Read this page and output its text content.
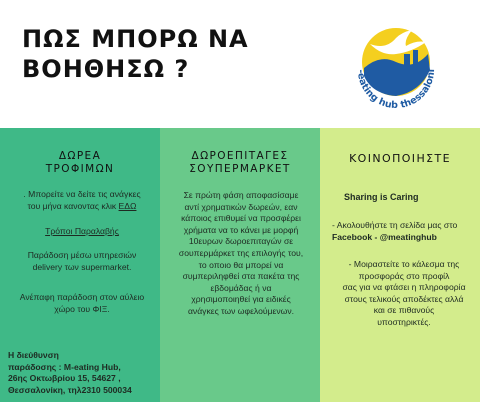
ΠΩΣ ΜΠΟΡΩ ΝΑ
ΒΟΗΘΗΣΩ ?	-eating hub thessaloni
ΔΩΡΕΑ
ΤΡΟΦΙΜΩΝ
. Μπορείτε να δείτε τις ανάγκες
του μήνα κανοντας κλικ ΕΔΩ
Τρόποι Παραλαβής
Παράδοση μέσω υπηρεσιών
delivery των supermarket.
Ανέπαφη παράδοση στον αύλειο
χώρο του ΦΙΞ.
Η διεύθυνση
παράδοσης : M-eating Hub,
26ης Οκτωβρίου 15, 54627 ,
Θεσσαλονίκη, τηλ2310 500034
ΔΩΡΟΕΠΙΤΑΓΕΣ
ΣΟΥΠΕΡΜΑΡΚΕΤ
Σε πρώτη φάση αποφασίσαμε
αντί χρηματικών δωρεών, εαν
κάποιος επιθυμεί να προσφέρει
χρήματα να το κάνει με μορφή
10ευρων δωροεπιταγών σε
σουπερμάρκετ της επιλογής του,
το οποιο θα μπορεί να
συμπεριληφθεί στα πακέτα της
εβδομάδας ή να
χρησιμοποιηθεί για ειδικές
ανάγκες των ωφελούμενων.
ΚΟΙΝΟΠΟΙΗΣΤΕ
Sharing is Caring
- Ακολουθήστε τη σελίδα μας στο
Facebook - @meatinghub
- Μοιραστείτε το κάλεσμα της
προσφοράς στο προφίλ
σας για να φτάσει η πληροφορία
στους τελικούς αποδέκτες αλλά
και σε πιθανούς
υποστηρικτές.
